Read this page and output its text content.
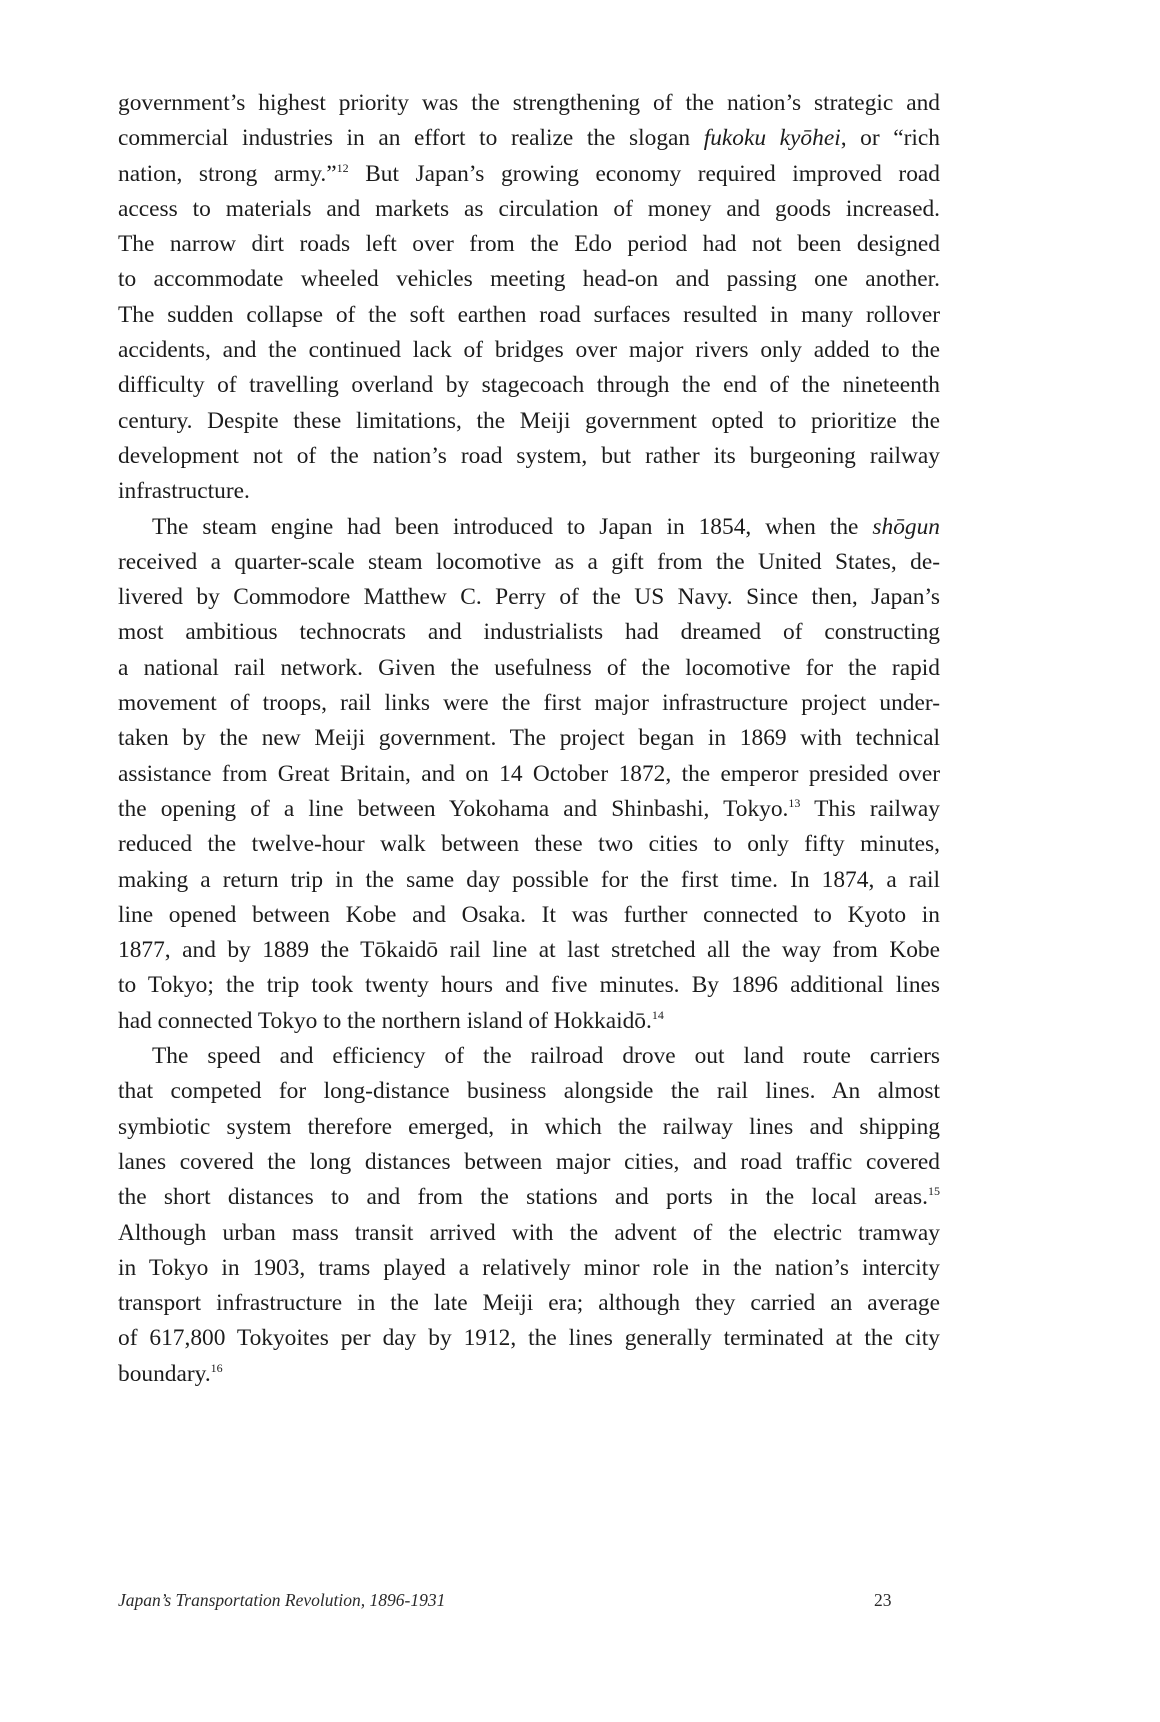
government’s highest priority was the strengthening of the nation’s strategic and
commercial industries in an effort to realize the slogan fukoku kyōhei, or “rich
nation, strong army.”$^{12}$ But Japan’s growing economy required improved road
access to materials and markets as circulation of money and goods increased.
The narrow dirt roads left over from the Edo period had not been designed
to accommodate wheeled vehicles meeting head-on and passing one another.
The sudden collapse of the soft earthen road surfaces resulted in many rollover
accidents, and the continued lack of bridges over major rivers only added to the
difficulty of travelling overland by stagecoach through the end of the nineteenth
century. Despite these limitations, the Meiji government opted to prioritize the
development not of the nation’s road system, but rather its burgeoning railway
infrastructure.
The steam engine had been introduced to Japan in 1854, when the shōgun
received a quarter-scale steam locomotive as a gift from the United States, de-
livered by Commodore Matthew C. Perry of the US Navy. Since then, Japan’s
most ambitious technocrats and industrialists had dreamed of constructing
a national rail network. Given the usefulness of the locomotive for the rapid
movement of troops, rail links were the first major infrastructure project under-
taken by the new Meiji government. The project began in 1869 with technical
assistance from Great Britain, and on 14 October 1872, the emperor presided over
the opening of a line between Yokohama and Shinbashi, Tokyo.$^{13}$ This railway
reduced the twelve-hour walk between these two cities to only fifty minutes,
making a return trip in the same day possible for the first time. In 1874, a rail
line opened between Kobe and Osaka. It was further connected to Kyoto in
1877, and by 1889 the Tōkaidō rail line at last stretched all the way from Kobe
to Tokyo; the trip took twenty hours and five minutes. By 1896 additional lines
had connected Tokyo to the northern island of Hokkaidō.$^{14}$
The speed and efficiency of the railroad drove out land route carriers
that competed for long-distance business alongside the rail lines. An almost
symbiotic system therefore emerged, in which the railway lines and shipping
lanes covered the long distances between major cities, and road traffic covered
the short distances to and from the stations and ports in the local areas.$^{15}$
Although urban mass transit arrived with the advent of the electric tramway
in Tokyo in 1903, trams played a relatively minor role in the nation’s intercity
transport infrastructure in the late Meiji era; although they carried an average
of 617,800 Tokyoites per day by 1912, the lines generally terminated at the city
boundary.$^{16}$
Japan’s Transportation Revolution, 1896-1931	23
